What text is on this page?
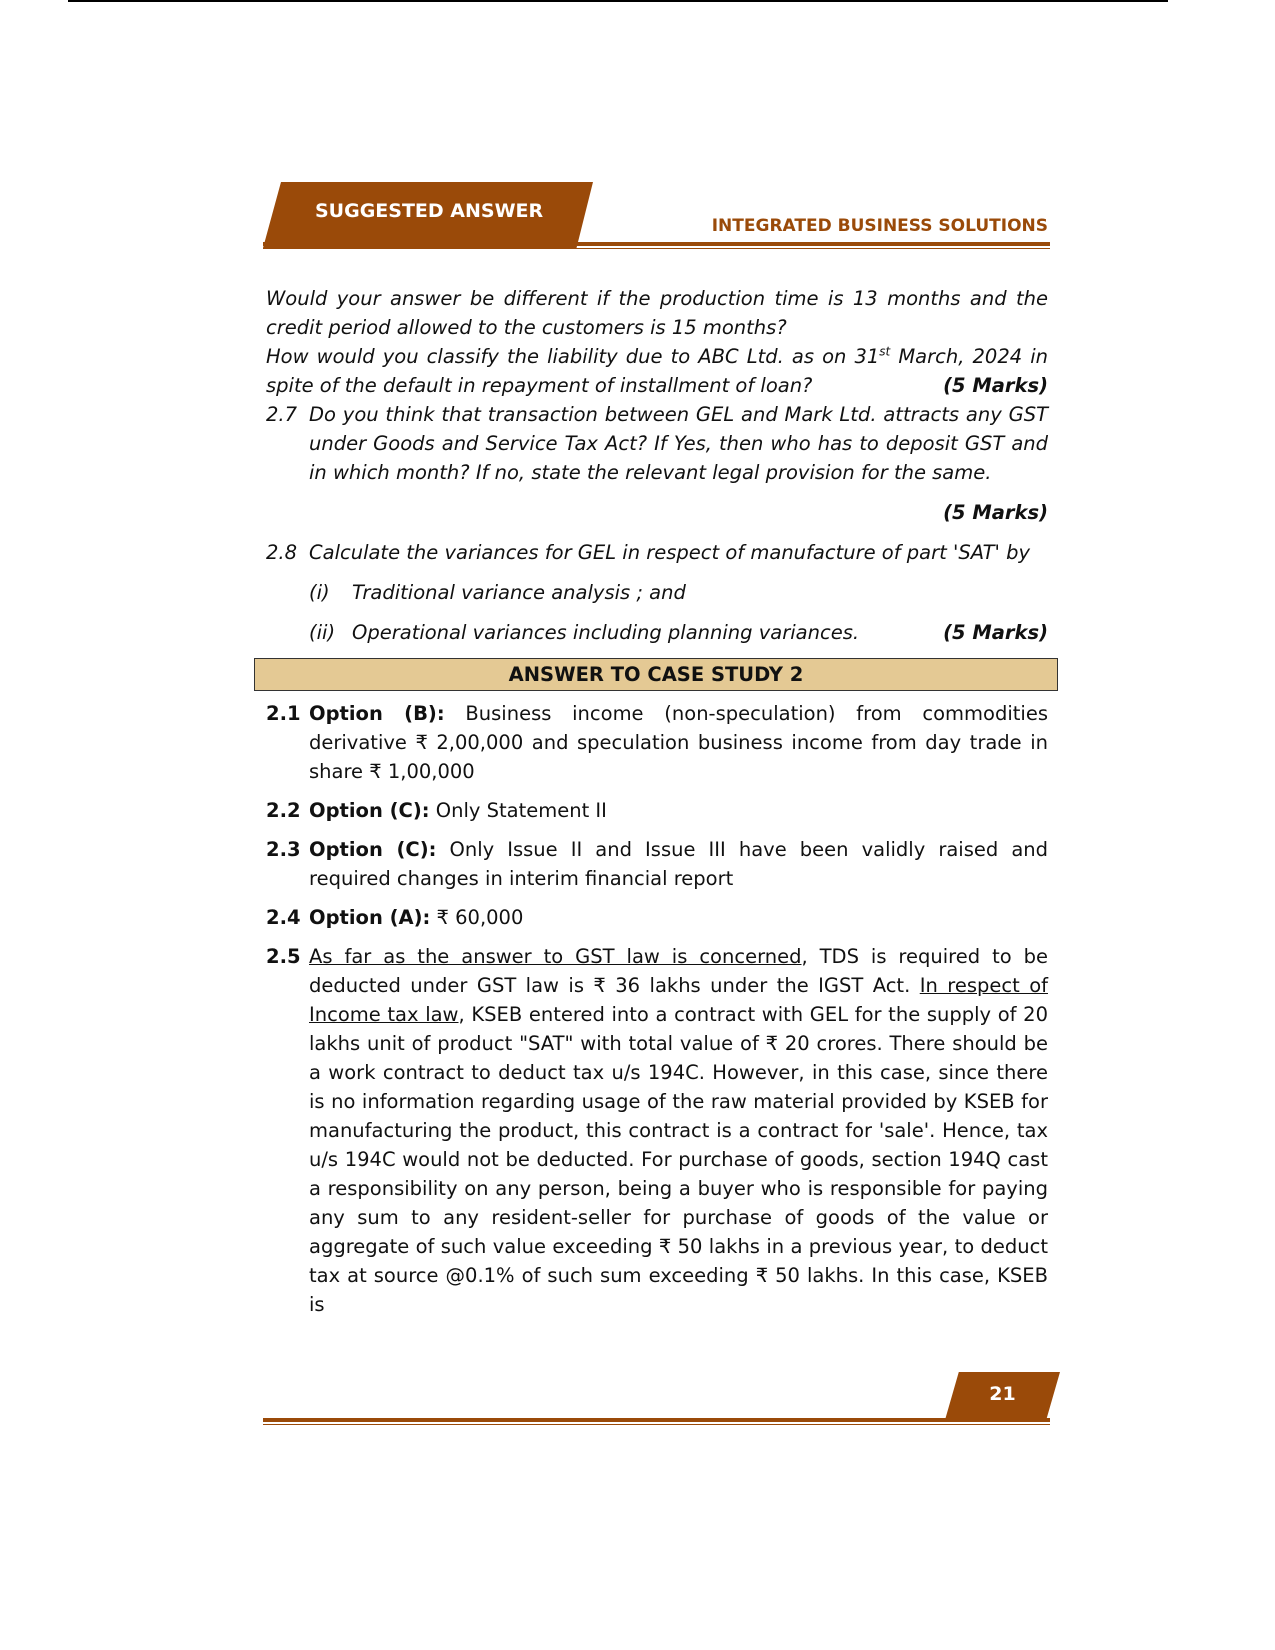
SUGGESTED ANSWER
INTEGRATED BUSINESS SOLUTIONS

Would your answer be different if the production time is 13 months and the credit period allowed to the customers is 15 months?

How would you classify the liability due to ABC Ltd. as on 31st March, 2024 in spite of the default in repayment of installment of loan?	(5 Marks)

2.7 Do you think that transaction between GEL and Mark Ltd. attracts any GST under Goods and Service Tax Act? If Yes, then who has to deposit GST and in which month? If no, state the relevant legal provision for the same.
(5 Marks)
2.8 Calculate the variances for GEL in respect of manufacture of part 'SAT' by
(i)	Traditional variance analysis ; and
(ii) Operational variances including planning variances.	(5 Marks)
ANSWER TO CASE STUDY 2
2.1 Option (B): Business income (non-speculation) from commodities derivative ₹ 2,00,000 and speculation business income from day trade in share ₹ 1,00,000
2.2 Option (C): Only Statement II
2.3 Option (C): Only Issue II and Issue III have been validly raised and required changes in interim financial report
2.4 Option (A): ₹ 60,000
2.5 As far as the answer to GST law is concerned, TDS is required to be deducted under GST law is ₹ 36 lakhs under the IGST Act. In respect of Income tax law, KSEB entered into a contract with GEL for the supply of 20 lakhs unit of product "SAT" with total value of ₹ 20 crores. There should be a work contract to deduct tax u/s 194C. However, in this case, since there is no information regarding usage of the raw material provided by KSEB for manufacturing the product, this contract is a contract for 'sale'. Hence, tax u/s 194C would not be deducted. For purchase of goods, section 194Q cast a responsibility on any person, being a buyer who is responsible for paying any sum to any resident-seller for purchase of goods of the value or aggregate of such value exceeding ₹ 50 lakhs in a previous year, to deduct tax at source @0.1% of such sum exceeding ₹ 50 lakhs. In this case, KSEB is
21
